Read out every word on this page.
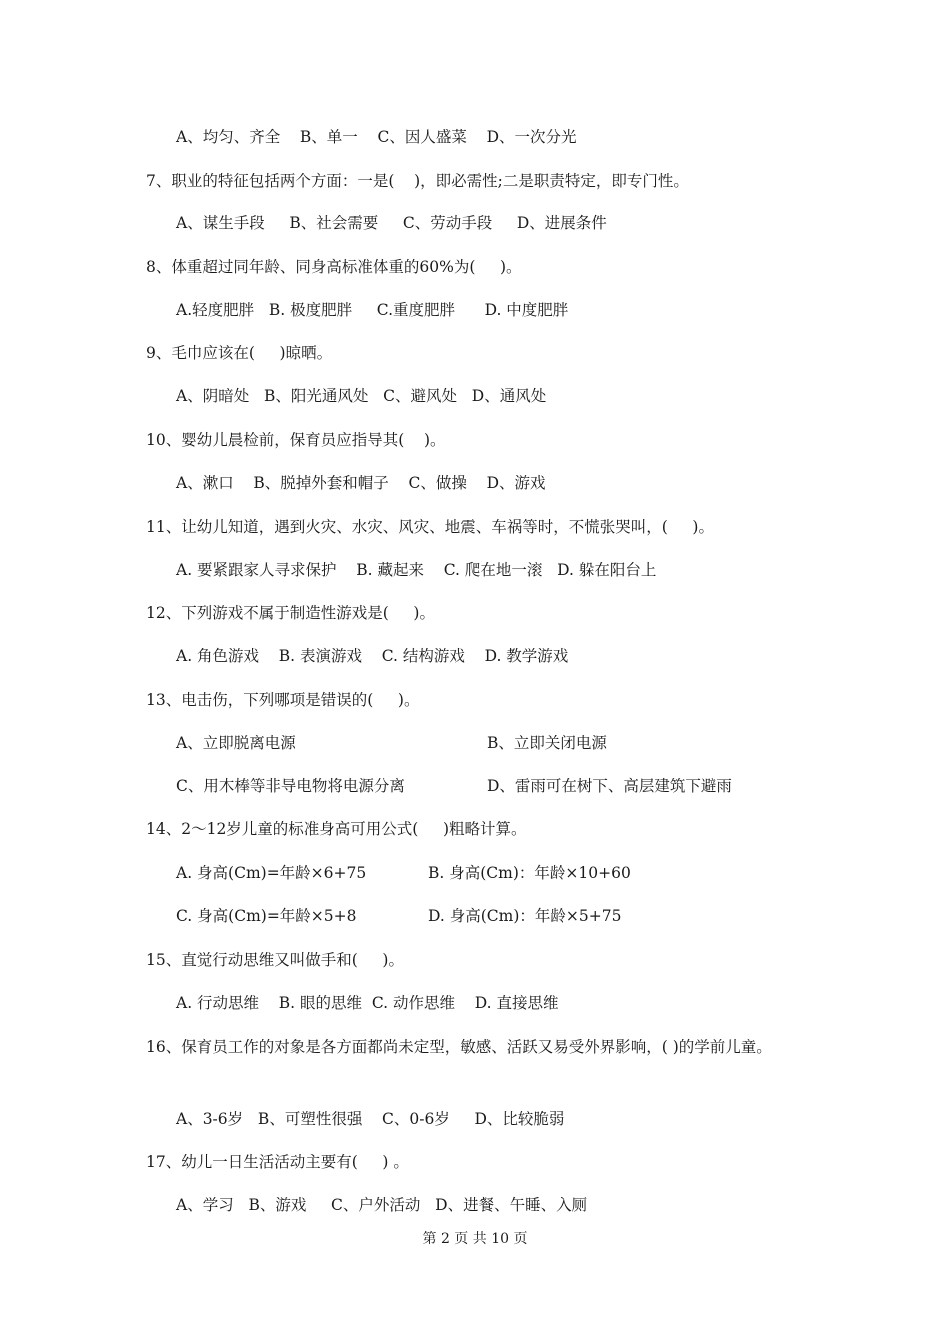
A、均匀、齐全    B、单一    C、因人盛菜    D、一次分光
7、职业的特征包括两个方面：一是(    )，即必需性;二是职责特定，即专门性。
A、谋生手段     B、社会需要     C、劳动手段     D、进展条件
8、体重超过同年龄、同身高标准体重的60%为(     )。
A.轻度肥胖   B. 极度肥胖     C.重度肥胖      D. 中度肥胖
9、毛巾应该在(     )晾晒。
A、阴暗处   B、阳光通风处   C、避风处   D、通风处
10、婴幼儿晨检前，保育员应指导其(    )。
A、漱口    B、脱掉外套和帽子    C、做操    D、游戏
11、让幼儿知道，遇到火灾、水灾、风灾、地震、车祸等时，不慌张哭叫，(     )。
A. 要紧跟家人寻求保护    B. 藏起来    C. 爬在地一滚   D. 躲在阳台上
12、下列游戏不属于制造性游戏是(     )。
A. 角色游戏    B. 表演游戏    C. 结构游戏    D. 教学游戏
13、电击伤，下列哪项是错误的(     )。
A、立即脱离电源	B、立即关闭电源
C、用木棒等非导电物将电源分离	D、雷雨可在树下、高层建筑下避雨
14、2～12岁儿童的标准身高可用公式(     )粗略计算。
A. 身高(Cm)=年龄×6+75	B. 身高(Cm)：年龄×10+60
C. 身高(Cm)=年龄×5+8	D. 身高(Cm)：年龄×5+75
15、直觉行动思维又叫做手和(     )。
A. 行动思维    B. 眼的思维  C. 动作思维    D. 直接思维
16、保育员工作的对象是各方面都尚未定型，敏感、活跃又易受外界影响，( )的学前儿童。
A、3-6岁   B、可塑性很强    C、0-6岁     D、比较脆弱
17、幼儿一日生活活动主要有(     ) 。
A、学习   B、游戏     C、户外活动   D、进餐、午睡、入厕
第 2 页 共 10 页
